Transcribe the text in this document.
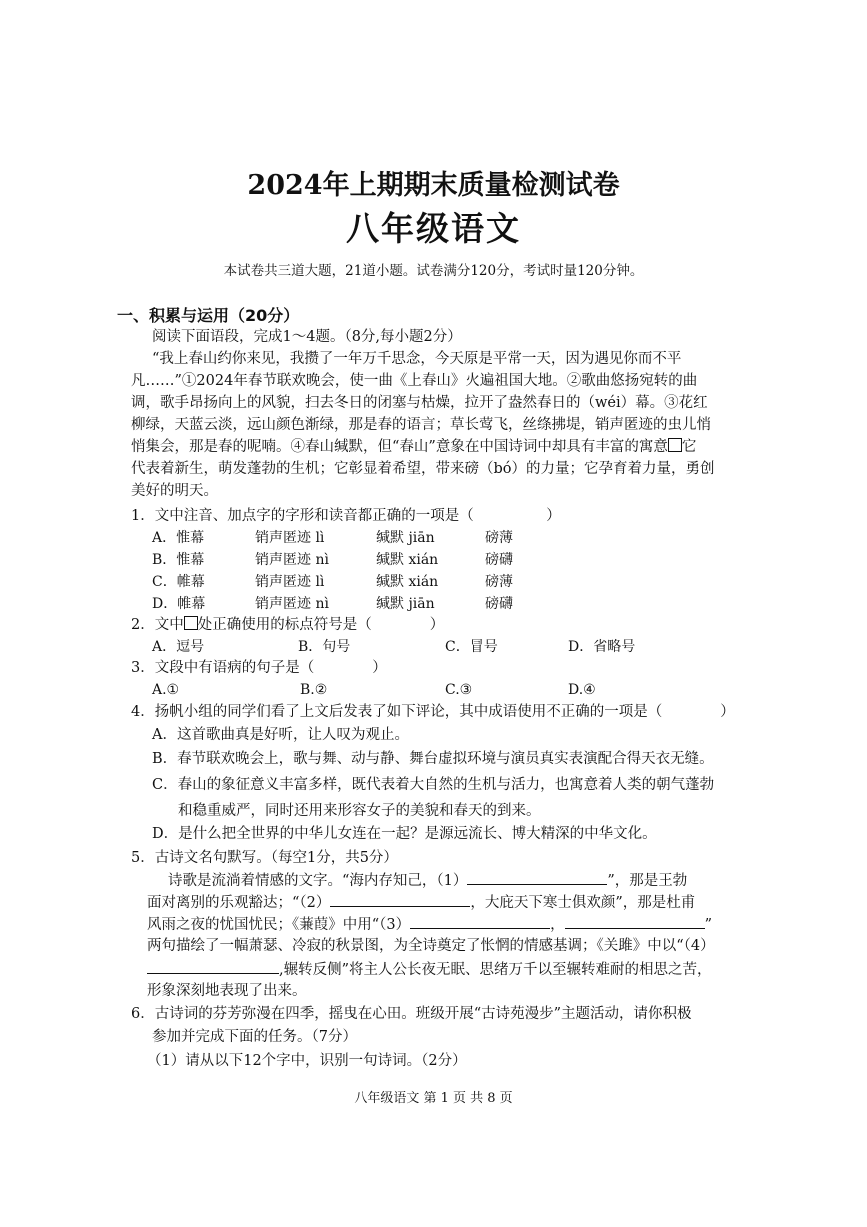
2024年上期期末质量检测试卷
八年级语文
本试卷共三道大题，21道小题。试卷满分120分，考试时量120分钟。
一、积累与运用（20分）
阅读下面语段，完成1～4题。（8分,每小题2分）
“我上春山约你来见，我攒了一年万千思念，今天原是平常一天，因为遇见你而不平
凡……”①2024年春节联欢晚会，使一曲《上春山》火遍祖国大地。②歌曲悠扬宛转的曲
调，歌手昂扬向上的风貌，扫去冬日的闭塞与枯燥，拉开了盎然春日的（wéi）幕。③花红
柳绿，天蓝云淡，远山颜色渐绿，那是春的语言；草长莺飞，丝绦拂堤，销声匿迹的虫儿悄
悄集会，那是春的呢喃。④春山缄默，但“春山”意象在中国诗词中却具有丰富的寓意 它
代表着新生，萌发蓬勃的生机；它彰显着希望，带来磅（bó）的力量；它孕育着力量，勇创
美好的明天。
1．文中注音、加点字的字形和读音都正确的一项是（　　　　　）
A．惟幕	销声匿迹 lì	缄默 jiān	磅薄
B．惟幕	销声匿迹 nì	缄默 xián	磅礴
C．帷幕	销声匿迹 lì	缄默 xián	磅薄
D．帷幕	销声匿迹 nì	缄默 jiān	磅礴
2．文中 处正确使用的标点符号是（　　　　）
A．逗号	B．句号	C．冒号	D．省略号
3．文段中有语病的句子是（　　　　）
A.①	B.②	C.③	D.④
4．扬帆小组的同学们看了上文后发表了如下评论，其中成语使用不正确的一项是（　　　　）
A．这首歌曲真是好听，让人叹为观止。
B．春节联欢晚会上，歌与舞、动与静、舞台虚拟环境与演员真实表演配合得天衣无缝。
C．春山的象征意义丰富多样，既代表着大自然的生机与活力，也寓意着人类的朝气蓬勃
和稳重威严，同时还用来形容女子的美貌和春天的到来。
D．是什么把全世界的中华儿女连在一起？是源远流长、博大精深的中华文化。
5．古诗文名句默写。（每空1分，共5分）
诗歌是流淌着情感的文字。“海内存知己，（1）	”，那是王勃
面对离别的乐观豁达；“（2）	，大庇天下寒士俱欢颜”，那是杜甫
风雨之夜的忧国忧民；《蒹葭》中用“（3）	，	”
两句描绘了一幅萧瑟、冷寂的秋景图，为全诗奠定了怅惘的情感基调；《关雎》中以“（4）
,辗转反侧”将主人公长夜无眠、思绪万千以至辗转难耐的相思之苦，
形象深刻地表现了出来。
6．古诗词的芬芳弥漫在四季，摇曳在心田。班级开展“古诗苑漫步”主题活动，请你积极
参加并完成下面的任务。（7分）
（1）请从以下12个字中，识别一句诗词。（2分）
八年级语文 第 1 页 共 8 页
